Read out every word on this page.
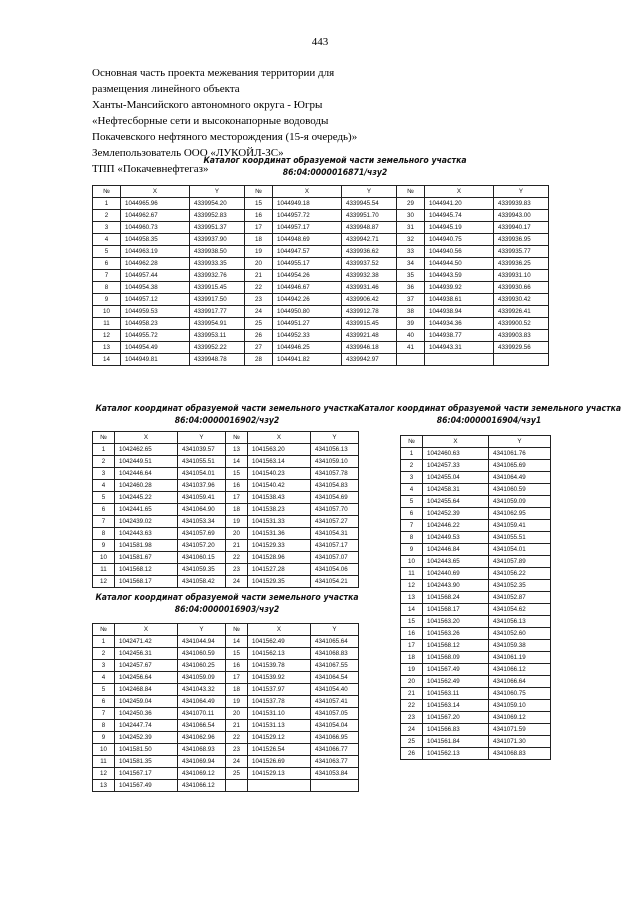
443
Основная часть проекта межевания территории для
размещения линейного объекта
Ханты-Мансийского автономного округа - Югры
«Нефтесборные сети и высоконапорные водоводы
Покачевского нефтяного месторождения (15-я очередь)»
Землепользователь ООО «ЛУКОЙЛ-ЗС»
ТПП «Покачевнефтегаз»
Каталог координат образуемой части земельного участка
86:04:0000016871/чзу2
№	X	Y	№	X	Y	№	X	Y
1	1044965.96	4339954.20	15	1044949.18	4339945.54	29	1044941.20	4339939.83
2	1044962.67	4339952.83	16	1044957.72	4339951.70	30	1044945.74	4339943.00
3	1044960.73	4339951.37	17	1044957.17	4339948.87	31	1044945.19	4339940.17
4	1044958.35	4339937.90	18	1044948.69	4339942.71	32	1044940.75	4339936.95
5	1044963.19	4339938.50	19	1044947.57	4339936.62	33	1044940.56	4339935.77
6	1044962.28	4339933.35	20	1044955.17	4339937.52	34	1044944.50	4339936.25
7	1044957.44	4339932.76	21	1044954.26	4339932.38	35	1044943.59	4339931.10
8	1044954.38	4339915.45	22	1044946.67	4339931.46	36	1044939.92	4339930.66
9	1044957.12	4339917.50	23	1044942.26	4339906.42	37	1044938.61	4339930.42
10	1044959.53	4339917.77	24	1044950.80	4339912.78	38	1044938.94	4339926.41
11	1044958.23	4339954.91	25	1044951.27	4339915.45	39	1044934.36	4339900.52
12	1044955.72	4339953.11	26	1044952.33	4339921.48	40	1044938.77	4339903.83
13	1044954.49	4339952.22	27	1044946.25	4339946.18	41	1044943.31	4339929.56
14	1044949.81	4339948.78	28	1044941.82	4339942.97			
Каталог координат образуемой части земельного участка
86:04:0000016902/чзу2
№	X	Y	№	X	Y
1	1042462.65	4341039.57	13	1041563.20	4341056.13
2	1042449.51	4341055.51	14	1041563.14	4341059.10
3	1042446.64	4341054.01	15	1041540.23	4341057.78
4	1042460.28	4341037.96	16	1041540.42	4341054.83
5	1042445.22	4341059.41	17	1041538.43	4341054.69
6	1042441.65	4341064.90	18	1041538.23	4341057.70
7	1042439.02	4341053.34	19	1041531.33	4341057.27
8	1042443.63	4341057.69	20	1041531.36	4341054.31
9	1041581.98	4341057.20	21	1041529.33	4341057.17
10	1041581.67	4341060.15	22	1041528.96	4341057.07
11	1041568.12	4341059.35	23	1041527.28	4341054.06
12	1041568.17	4341058.42	24	1041529.35	4341054.21
Каталог координат образуемой части земельного участка
86:04:0000016904/чзу1
№	X	Y
1	1042460.63	4341061.76
2	1042457.33	4341065.69
3	1042455.04	4341064.49
4	1042458.31	4341060.59
5	1042455.64	4341059.09
6	1042452.39	4341062.95
7	1042446.22	4341059.41
8	1042449.53	4341055.51
9	1042446.84	4341054.01
10	1042443.65	4341057.89
11	1042440.69	4341056.22
12	1042443.90	4341052.35
13	1041568.24	4341052.87
14	1041568.17	4341054.62
15	1041563.20	4341056.13
16	1041563.26	4341052.60
17	1041568.12	4341059.38
18	1041568.09	4341061.19
19	1041567.49	4341066.12
20	1041562.49	4341066.64
21	1041563.11	4341060.75
22	1041563.14	4341059.10
23	1041567.20	4341069.12
24	1041566.83	4341071.59
25	1041561.84	4341071.30
26	1041562.13	4341068.83
Каталог координат образуемой части земельного участка
86:04:0000016903/чзу2
№	X	Y	№	X	Y
1	1042471.42	4341044.94	14	1041562.49	4341065.64
2	1042456.31	4341060.59	15	1041562.13	4341068.83
3	1042457.67	4341060.25	16	1041539.78	4341067.55
4	1042456.64	4341059.09	17	1041539.92	4341064.54
5	1042468.84	4341043.32	18	1041537.97	4341054.40
6	1042459.04	4341064.49	19	1041537.78	4341057.41
7	1042450.36	4341070.11	20	1041531.10	4341057.05
8	1042447.74	4341066.54	21	1041531.13	4341054.04
9	1042452.39	4341062.96	22	1041529.12	4341066.95
10	1041581.50	4341068.93	23	1041526.54	4341066.77
11	1041581.35	4341069.94	24	1041526.69	4341063.77
12	1041567.17	4341069.12	25	1041529.13	4341053.84
13	1041567.49	4341066.12			
